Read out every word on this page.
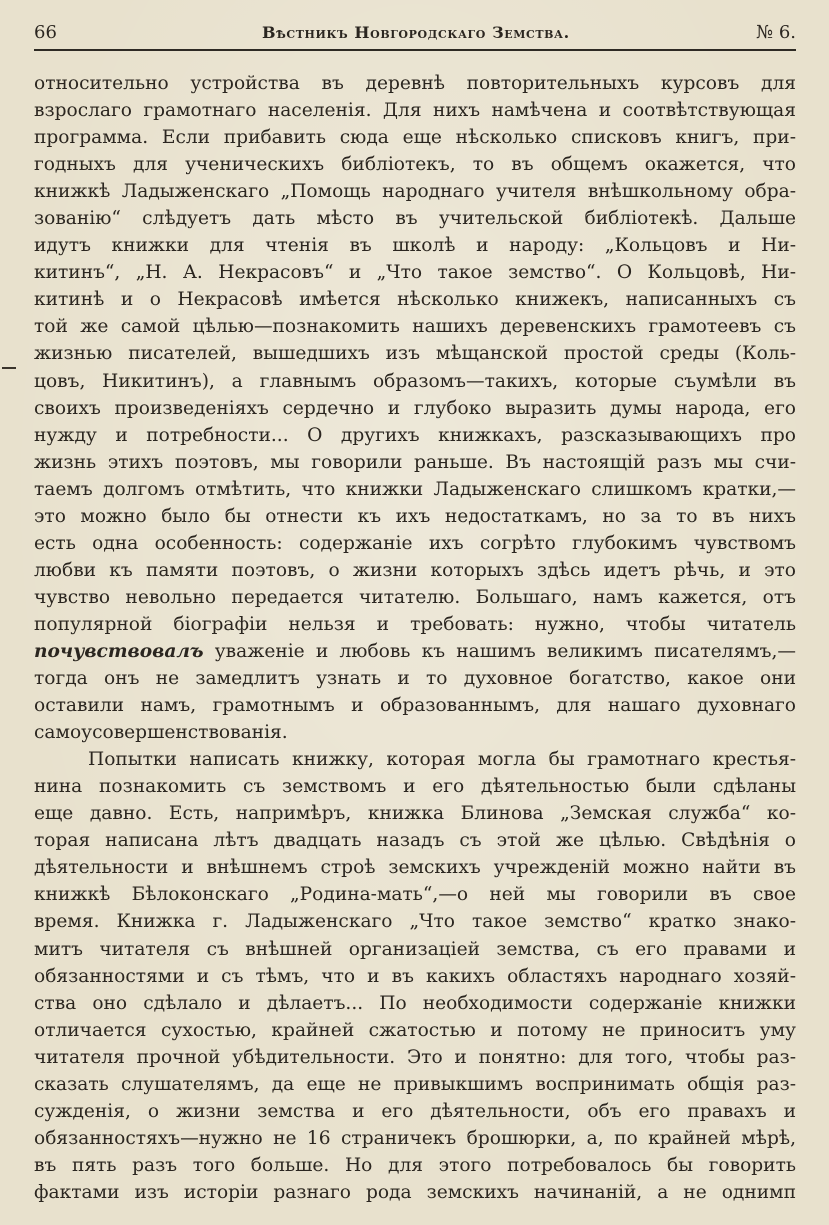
66	Вѣстникъ Новгородскаго Земства.	№ 6.
относительно устройства въ деревнѣ повторительныхъ курсовъ для
взрослаго грамотнаго населенія. Для нихъ намѣчена и соотвѣтствующая
программа. Если прибавить сюда еще нѣсколько списковъ книгъ, при-
годныхъ для ученическихъ библіотекъ, то въ общемъ окажется, что
книжкѣ Ладыженскаго „Помощь народнаго учителя внѣшкольному обра-
зованію“ слѣдуетъ дать мѣсто въ учительской библіотекѣ. Дальше
идутъ книжки для чтенія въ школѣ и народу: „Кольцовъ и Ни-
китинъ“, „Н. А. Некрасовъ“ и „Что такое земство“. О Кольцовѣ, Ни-
китинѣ и о Некрасовѣ имѣется нѣсколько книжекъ, написанныхъ съ
той же самой цѣлью—познакомить нашихъ деревенскихъ грамотеевъ съ
жизнью писателей, вышедшихъ изъ мѣщанской простой среды (Коль-
цовъ, Никитинъ), а главнымъ образомъ—такихъ, которые съумѣли въ
своихъ произведеніяхъ сердечно и глубоко выразить думы народа, его
нужду и потребности... О другихъ книжкахъ, разсказывающихъ про
жизнь этихъ поэтовъ, мы говорили раньше. Въ настоящій разъ мы счи-
таемъ долгомъ отмѣтить, что книжки Ладыженскаго слишкомъ кратки,—
это можно было бы отнести къ ихъ недостаткамъ, но за то въ нихъ
есть одна особенность: содержаніе ихъ согрѣто глубокимъ чувствомъ
любви къ памяти поэтовъ, о жизни которыхъ здѣсь идетъ рѣчь, и это
чувство невольно передается читателю. Большаго, намъ кажется, отъ
популярной біографіи нельзя и требовать: нужно, чтобы читатель
почувствовалъ уваженіе и любовь къ нашимъ великимъ писателямъ,—
тогда онъ не замедлитъ узнать и то духовное богатство, какое они
оставили намъ, грамотнымъ и образованнымъ, для нашаго духовнаго
самоусовершенствованія.
Попытки написать книжку, которая могла бы грамотнаго крестья-
нина познакомить съ земствомъ и его дѣятельностью были сдѣланы
еще давно. Есть, напримѣръ, книжка Блинова „Земская служба“ ко-
торая написана лѣтъ двадцать назадъ съ этой же цѣлью. Свѣдѣнія о
дѣятельности и внѣшнемъ строѣ земскихъ учрежденій можно найти въ
книжкѣ Бѣлоконскаго „Родина-мать“,—о ней мы говорили въ свое
время. Книжка г. Ладыженскаго „Что такое земство“ кратко знако-
митъ читателя съ внѣшней организаціей земства, съ его правами и
обязанностями и съ тѣмъ, что и въ какихъ областяхъ народнаго хозяй-
ства оно сдѣлало и дѣлаетъ... По необходимости содержаніе книжки
отличается сухостью, крайней сжатостью и потому не приноситъ уму
читателя прочной убѣдительности. Это и понятно: для того, чтобы раз-
сказать слушателямъ, да еще не привыкшимъ воспринимать общія раз-
сужденія, о жизни земства и его дѣятельности, объ его правахъ и
обязанностяхъ—нужно не 16 страничекъ брошюрки, а, по крайней мѣрѣ,
въ пять разъ того больше. Но для этого потребовалось бы говорить
фактами изъ исторіи разнаго рода земскихъ начинаній, а не однимп
